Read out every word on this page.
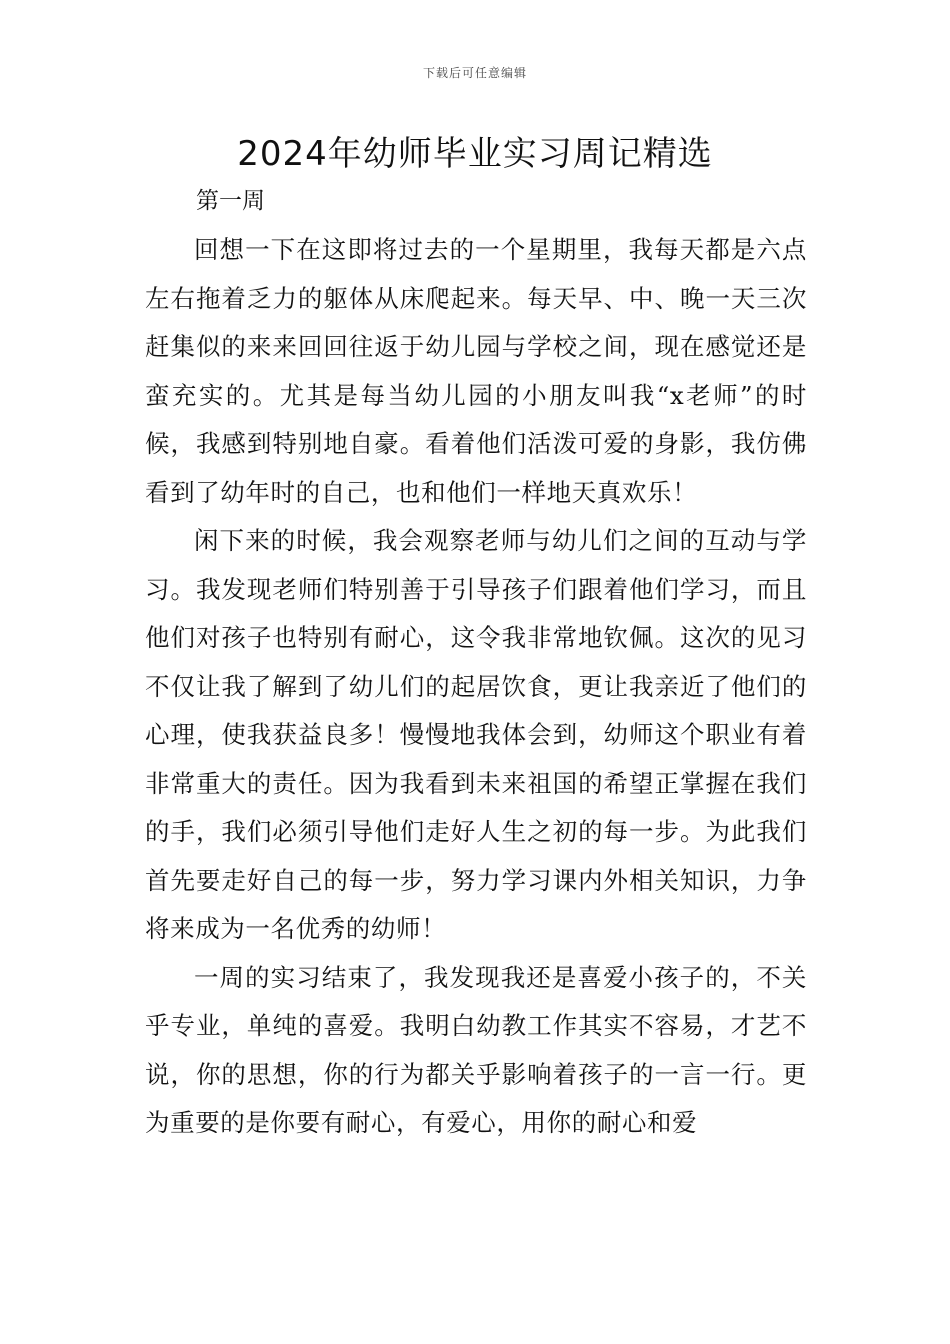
下载后可任意编辑
2024年幼师毕业实习周记精选
第一周

回想一下在这即将过去的一个星期里，我每天都是六点左右拖着乏力的躯体从床爬起来。每天早、中、晚一天三次赶集似的来来回回往返于幼儿园与学校之间，现在感觉还是蛮充实的。尤其是每当幼儿园的小朋友叫我“x老师”的时候，我感到特别地自豪。看着他们活泼可爱的身影，我仿佛看到了幼年时的自己，也和他们一样地天真欢乐！

闲下来的时候，我会观察老师与幼儿们之间的互动与学习。我发现老师们特别善于引导孩子们跟着他们学习，而且他们对孩子也特别有耐心，这令我非常地钦佩。这次的见习不仅让我了解到了幼儿们的起居饮食，更让我亲近了他们的心理，使我获益良多！慢慢地我体会到，幼师这个职业有着非常重大的责任。因为我看到未来祖国的希望正掌握在我们的手，我们必须引导他们走好人生之初的每一步。为此我们首先要走好自己的每一步，努力学习课内外相关知识，力争将来成为一名优秀的幼师！

一周的实习结束了，我发现我还是喜爱小孩子的，不关乎专业，单纯的喜爱。我明白幼教工作其实不容易，才艺不说，你的思想，你的行为都关乎影响着孩子的一言一行。更为重要的是你要有耐心，有爱心，用你的耐心和爱
